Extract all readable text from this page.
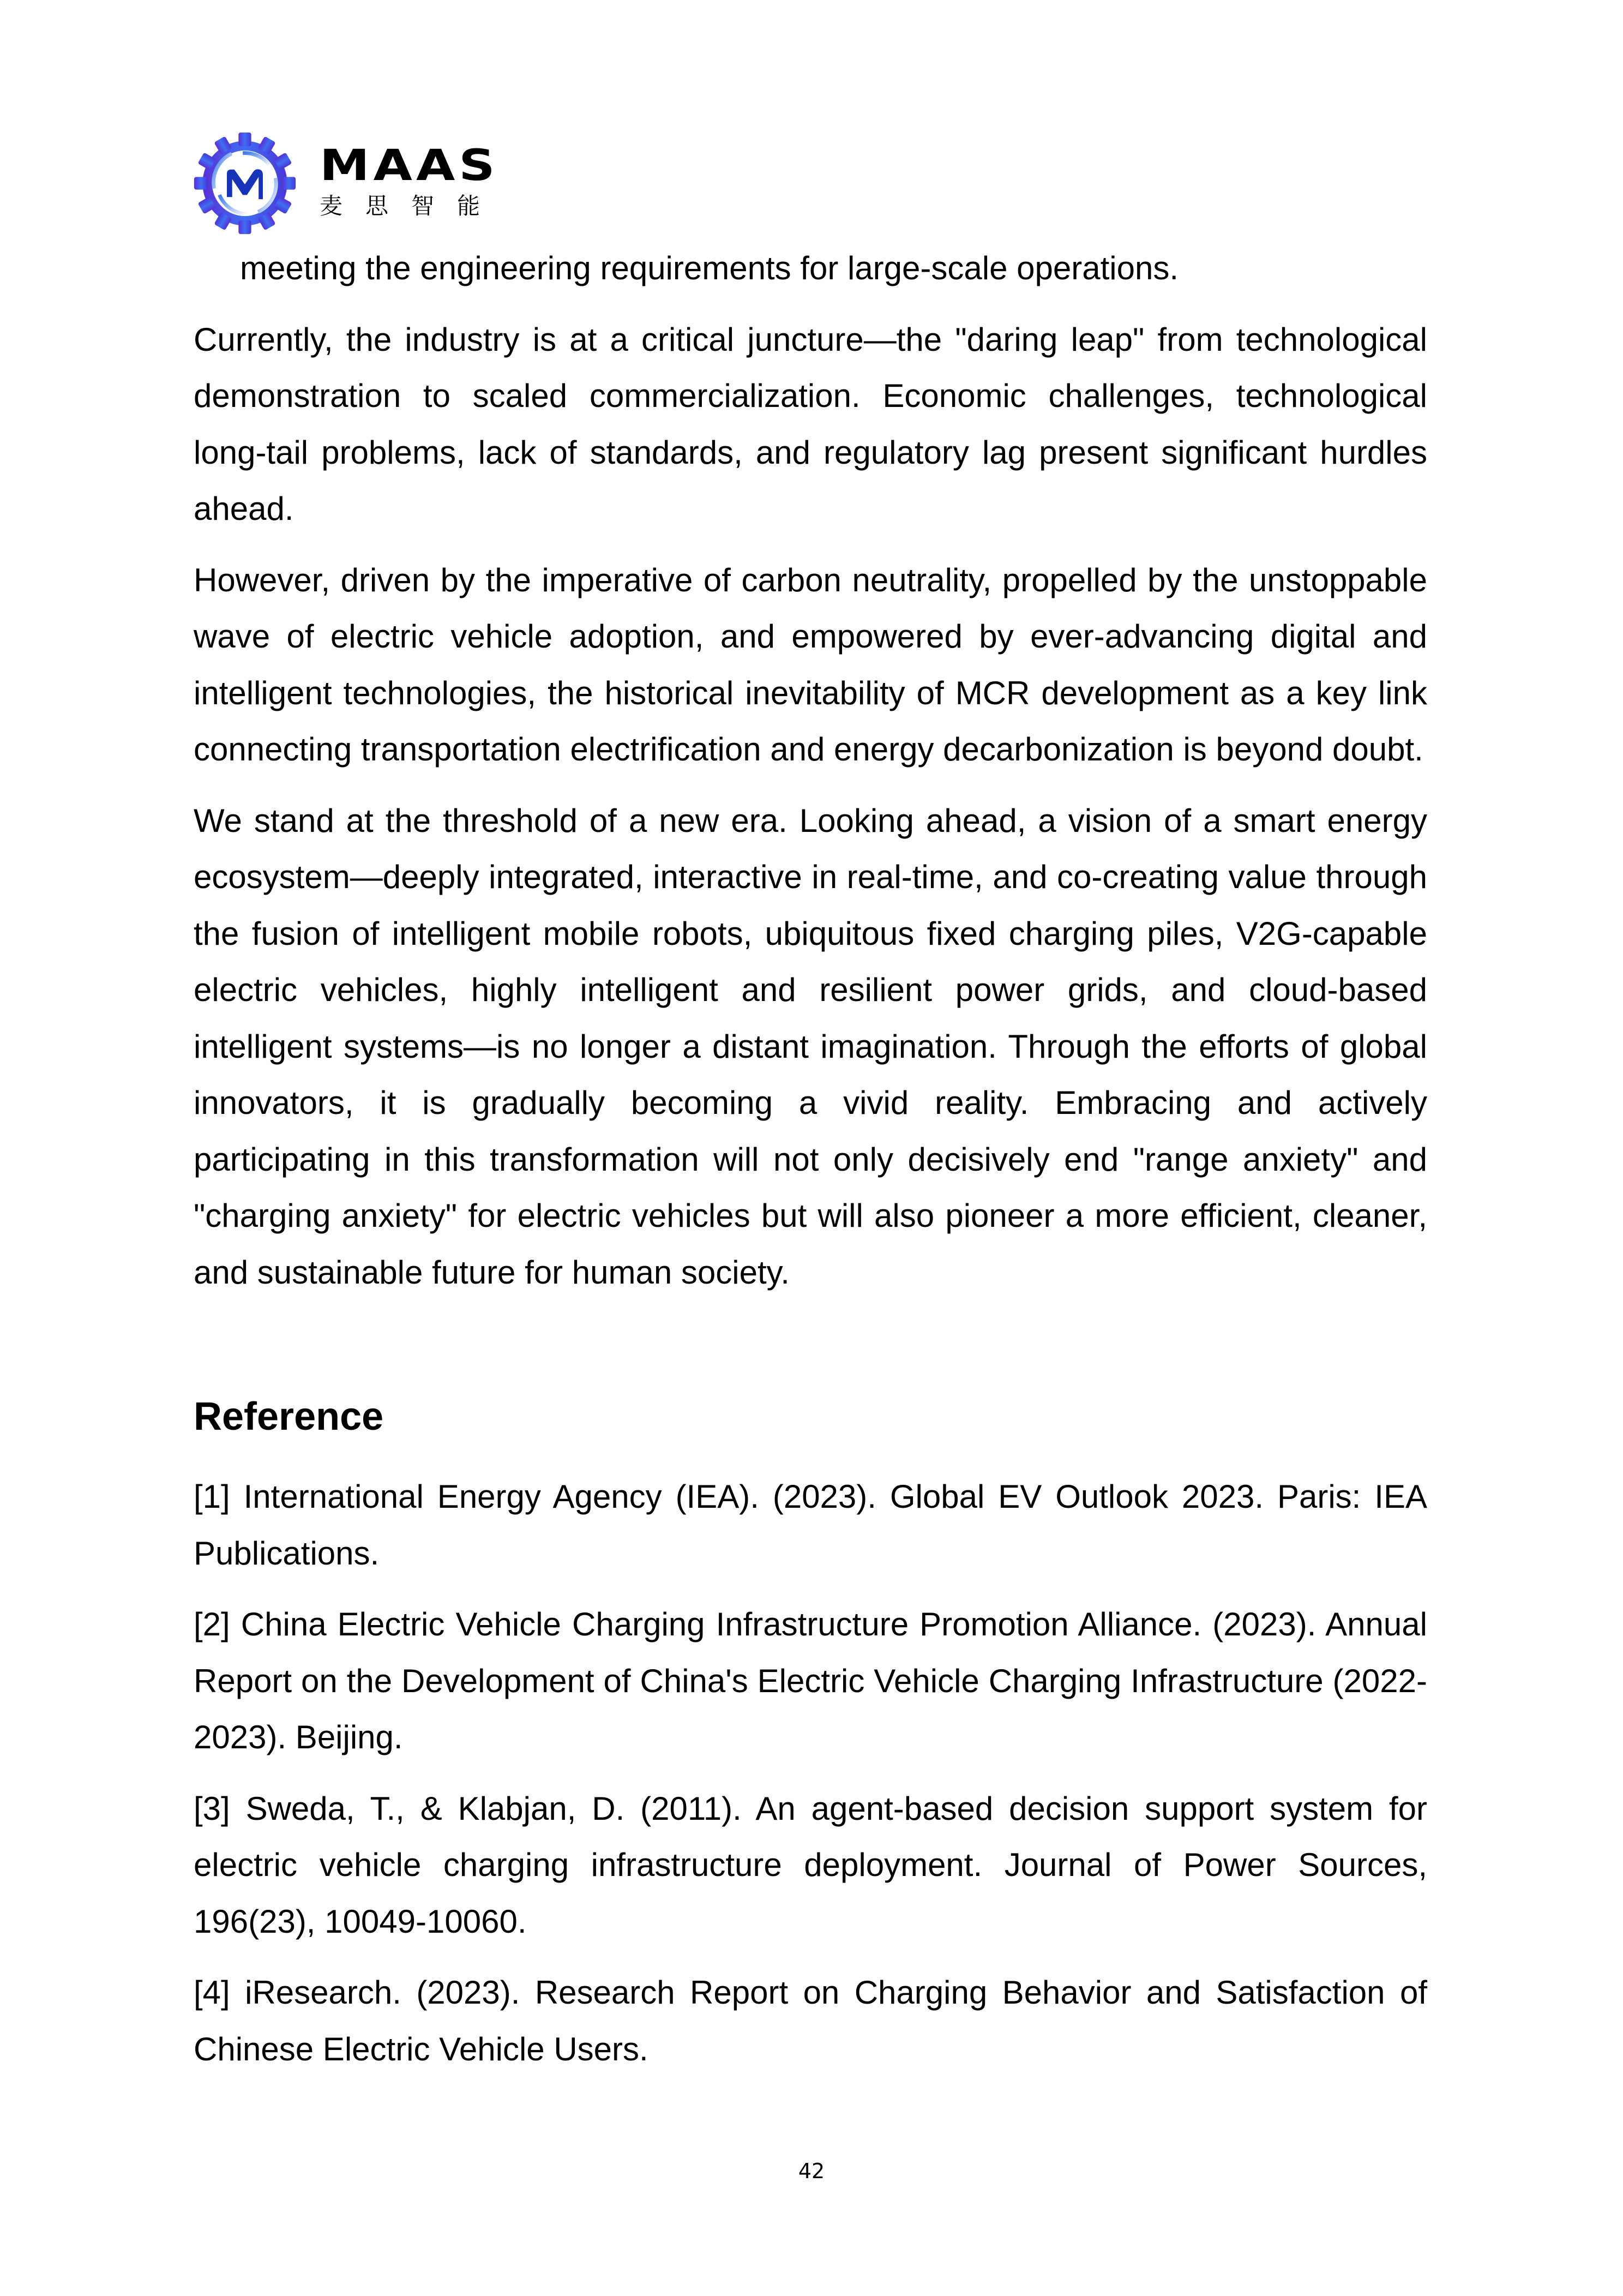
MAAS
麦思智能

meeting the engineering requirements for large-scale operations.

Currently, the industry is at a critical juncture—the "daring leap" from technological demonstration to scaled commercialization. Economic challenges, technological long-tail problems, lack of standards, and regulatory lag present significant hurdles ahead.

However, driven by the imperative of carbon neutrality, propelled by the unstoppable wave of electric vehicle adoption, and empowered by ever-advancing digital and intelligent technologies, the historical inevitability of MCR development as a key link connecting transportation electrification and energy decarbonization is beyond doubt.

We stand at the threshold of a new era. Looking ahead, a vision of a smart energy ecosystem—deeply integrated, interactive in real-time, and co-creating value through the fusion of intelligent mobile robots, ubiquitous fixed charging piles, V2G-capable electric vehicles, highly intelligent and resilient power grids, and cloud-based intelligent systems—is no longer a distant imagination. Through the efforts of global innovators, it is gradually becoming a vivid reality. Embracing and actively participating in this transformation will not only decisively end "range anxiety" and "charging anxiety" for electric vehicles but will also pioneer a more efficient, cleaner, and sustainable future for human society.

Reference

[1] International Energy Agency (IEA). (2023). Global EV Outlook 2023. Paris: IEA Publications.

[2] China Electric Vehicle Charging Infrastructure Promotion Alliance. (2023). Annual Report on the Development of China's Electric Vehicle Charging Infrastructure (2022-2023). Beijing.

[3] Sweda, T., & Klabjan, D. (2011). An agent-based decision support system for electric vehicle charging infrastructure deployment. Journal of Power Sources, 196(23), 10049-10060.

[4] iResearch. (2023). Research Report on Charging Behavior and Satisfaction of Chinese Electric Vehicle Users.

42
